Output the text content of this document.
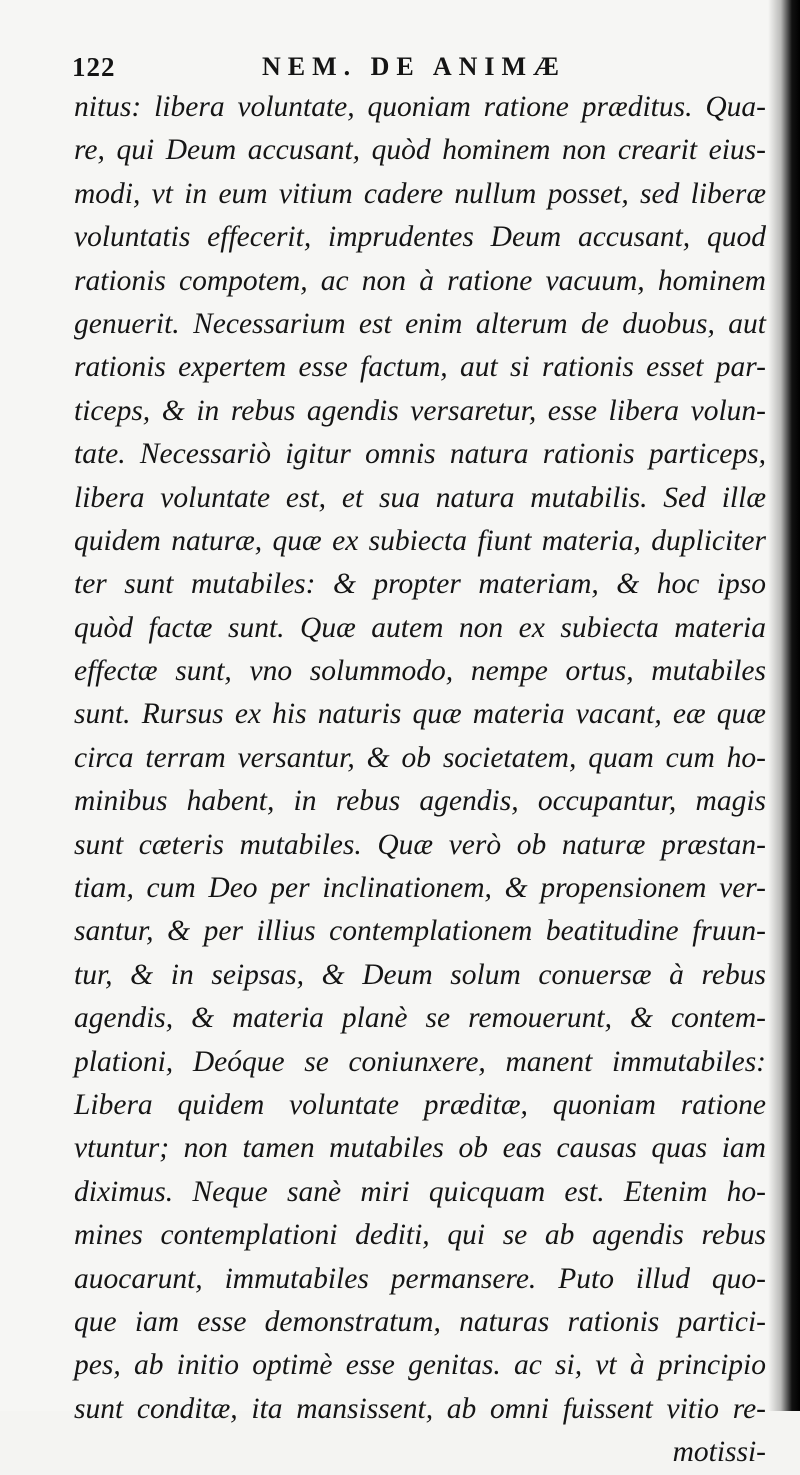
122	NEM. DE ANIMÆ
nitus: libera voluntate, quoniam ratione præditus. Qua-
re, qui Deum accusant, quòd hominem non crearit eius-
modi, vt in eum vitium cadere nullum posset, sed liberæ
voluntatis effecerit, imprudentes Deum accusant, quod
rationis compotem, ac non à ratione vacuum, hominem
genuerit. Necessarium est enim alterum de duobus, aut
rationis expertem esse factum, aut si rationis esset par-
ticeps, & in rebus agendis versaretur, esse libera volun-
tate. Necessariò igitur omnis natura rationis particeps,
libera voluntate est, et sua natura mutabilis. Sed illæ
quidem naturæ, quæ ex subiecta fiunt materia, dupliciter
ter sunt mutabiles: & propter materiam, & hoc ipso
quòd factæ sunt. Quæ autem non ex subiecta materia
effectæ sunt, vno solummodo, nempe ortus, mutabiles
sunt. Rursus ex his naturis quæ materia vacant, eæ quæ
circa terram versantur, & ob societatem, quam cum ho-
minibus habent, in rebus agendis, occupantur, magis
sunt cæteris mutabiles. Quæ verò ob naturæ præstan-
tiam, cum Deo per inclinationem, & propensionem ver-
santur, & per illius contemplationem beatitudine fruun-
tur, & in seipsas, & Deum solum conuersæ à rebus
agendis, & materia planè se remouerunt, & contem-
plationi, Deóque se coniunxere, manent immutabiles:
Libera quidem voluntate præditæ, quoniam ratione
vtuntur; non tamen mutabiles ob eas causas quas iam
diximus. Neque sanè miri quicquam est. Etenim ho-
mines contemplationi dediti, qui se ab agendis rebus
auocarunt, immutabiles permansere. Puto illud quo-
que iam esse demonstratum, naturas rationis partici-
pes, ab initio optimè esse genitas. ac si, vt à principio
sunt conditæ, ita mansissent, ab omni fuissent vitio re-
motissi-
